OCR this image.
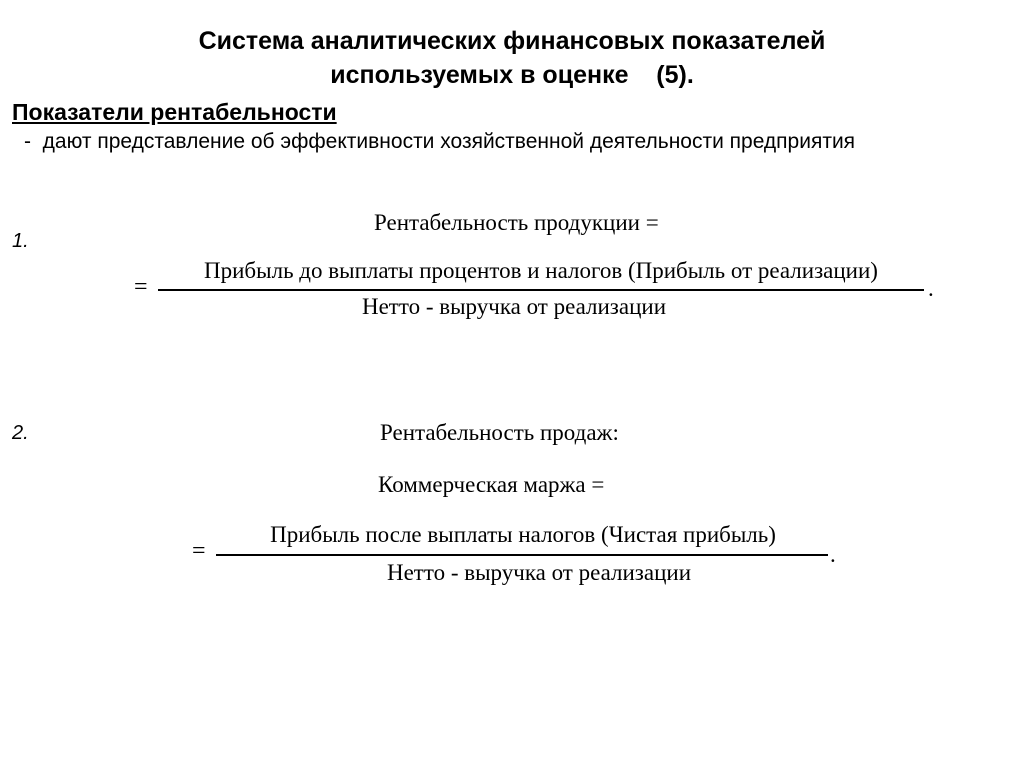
Система аналитических финансовых показателей
используемых в оценке    (5).
Показатели рентабельности
-  дают представление об эффективности хозяйственной деятельности предприятия
1.
Рентабельность продукции =
=
Прибыль до выплаты процентов и налогов (Прибыль от реализации)
Нетто - выручка от реализации
.
2.	Рентабельность продаж:
Коммерческая маржа =
=
Прибыль после выплаты налогов (Чистая прибыль)
Нетто - выручка от реализации
.
